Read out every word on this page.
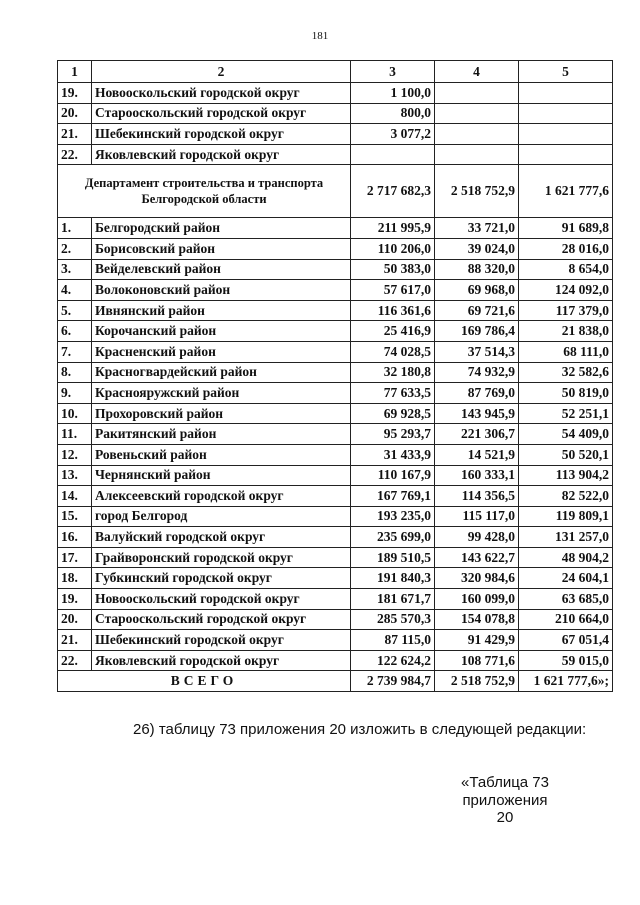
181
1	2	3	4	5
19.	Новооскольский городской округ	1 100,0		
20.	Старооскольский городской округ	800,0		
21.	Шебекинский городской округ	3 077,2		
22.	Яковлевский городской округ			
Департамент строительства и транспорта Белгородской области		2 717 682,3	2 518 752,9	1 621 777,6
1.	Белгородский район	211 995,9	33 721,0	91 689,8
2.	Борисовский район	110 206,0	39 024,0	28 016,0
3.	Вейделевский район	50 383,0	88 320,0	8 654,0
4.	Волоконовский район	57 617,0	69 968,0	124 092,0
5.	Ивнянский район	116 361,6	69 721,6	117 379,0
6.	Корочанский район	25 416,9	169 786,4	21 838,0
7.	Красненский район	74 028,5	37 514,3	68 111,0
8.	Красногвардейский район	32 180,8	74 932,9	32 582,6
9.	Краснояружский район	77 633,5	87 769,0	50 819,0
10.	Прохоровский район	69 928,5	143 945,9	52 251,1
11.	Ракитянский район	95 293,7	221 306,7	54 409,0
12.	Ровеньский район	31 433,9	14 521,9	50 520,1
13.	Чернянский район	110 167,9	160 333,1	113 904,2
14.	Алексеевский городской округ	167 769,1	114 356,5	82 522,0
15.	город Белгород	193 235,0	115 117,0	119 809,1
16.	Валуйский городской округ	235 699,0	99 428,0	131 257,0
17.	Грайворонский городской округ	189 510,5	143 622,7	48 904,2
18.	Губкинский городской округ	191 840,3	320 984,6	24 604,1
19.	Новооскольский городской округ	181 671,7	160 099,0	63 685,0
20.	Старооскольский городской округ	285 570,3	154 078,8	210 664,0
21.	Шебекинский городской округ	87 115,0	91 429,9	67 051,4
22.	Яковлевский городской округ	122 624,2	108 771,6	59 015,0
ВСЕГО		2 739 984,7	2 518 752,9	1 621 777,6»;
26) таблицу 73 приложения 20 изложить в следующей редакции:
«Таблица 73
приложения 20
